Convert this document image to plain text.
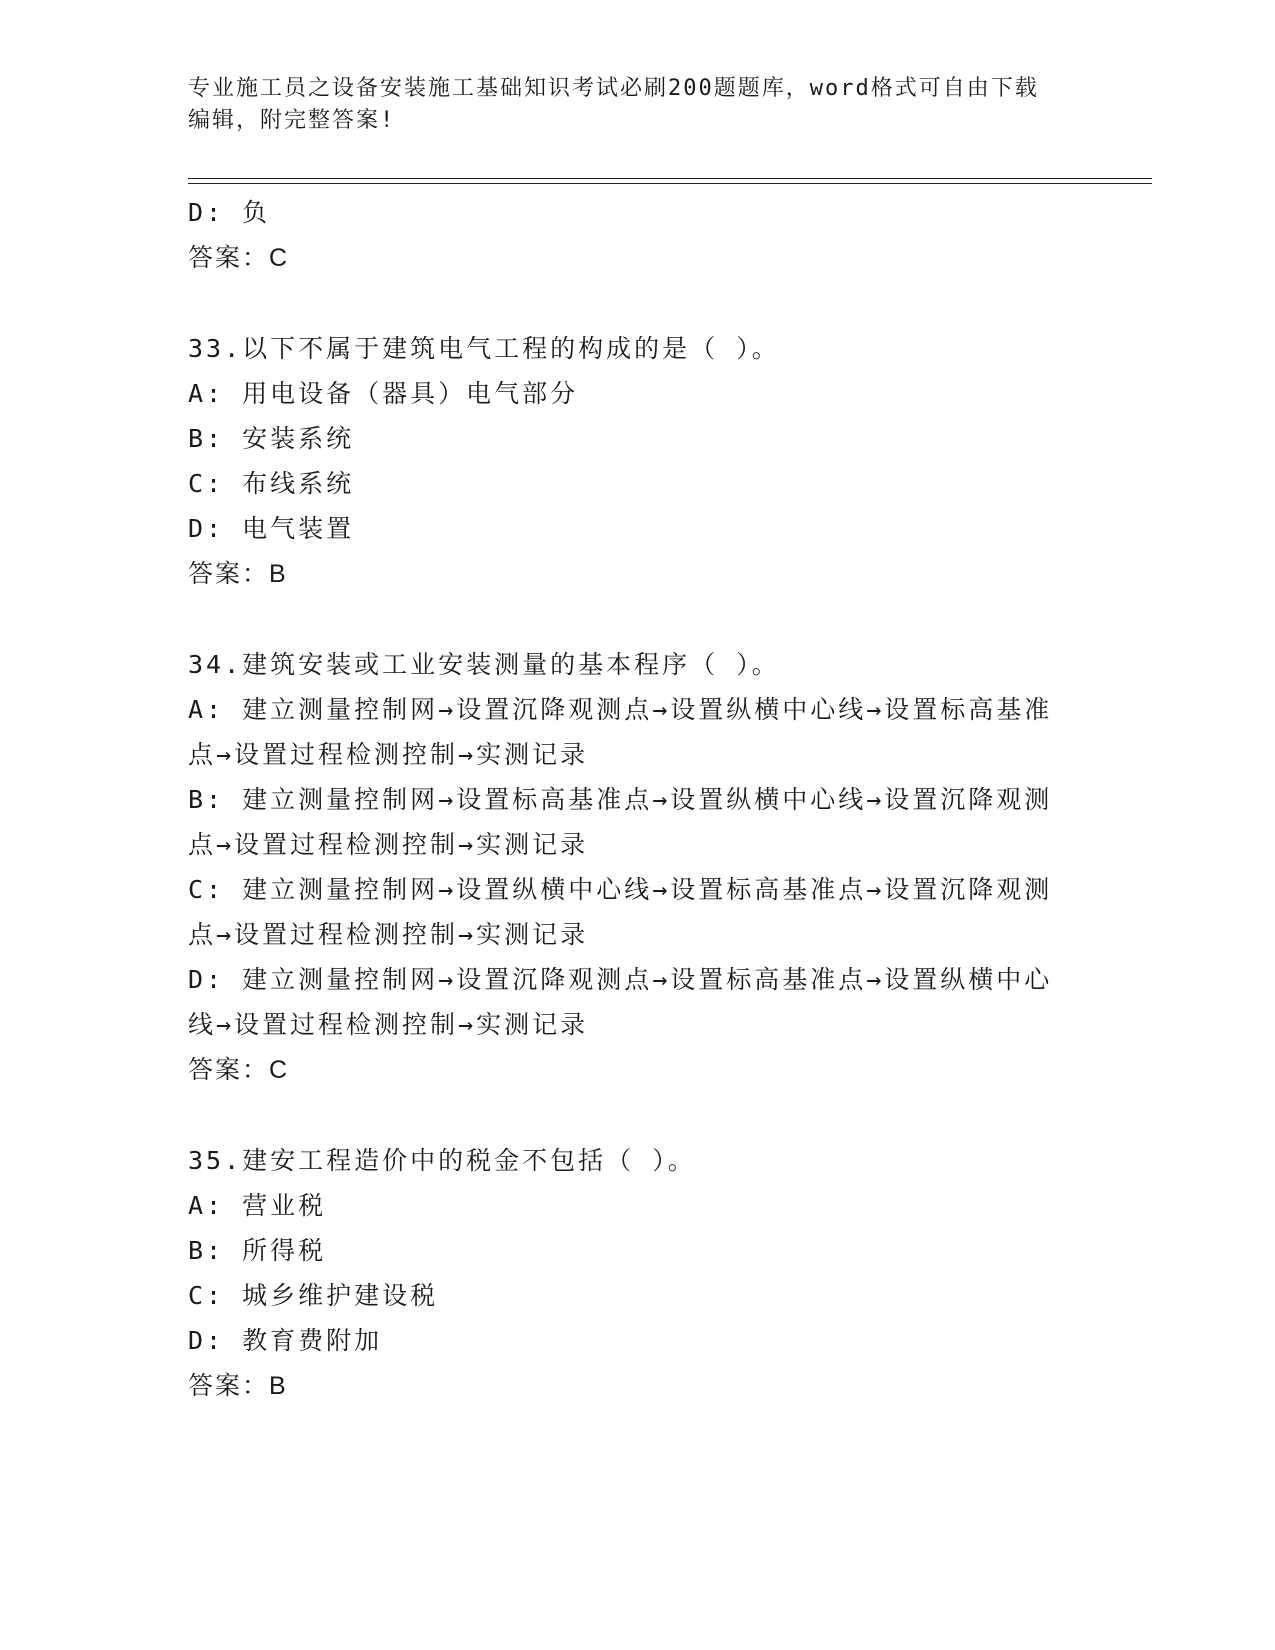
专业施工员之设备安装施工基础知识考试必刷200题题库，word格式可自由下载
编辑，附完整答案!
D: 负
答案：C
33.以下不属于建筑电气工程的构成的是（ ）。
A: 用电设备（器具）电气部分
B: 安装系统
C: 布线系统
D: 电气装置
答案：B
34.建筑安装或工业安装测量的基本程序（ ）。
A: 建立测量控制网→设置沉降观测点→设置纵横中心线→设置标高基准点→设置过程检测控制→实测记录
B: 建立测量控制网→设置标高基准点→设置纵横中心线→设置沉降观测点→设置过程检测控制→实测记录
C: 建立测量控制网→设置纵横中心线→设置标高基准点→设置沉降观测点→设置过程检测控制→实测记录
D: 建立测量控制网→设置沉降观测点→设置标高基准点→设置纵横中心线→设置过程检测控制→实测记录
答案：C
35.建安工程造价中的税金不包括（ ）。
A: 营业税
B: 所得税
C: 城乡维护建设税
D: 教育费附加
答案：B
